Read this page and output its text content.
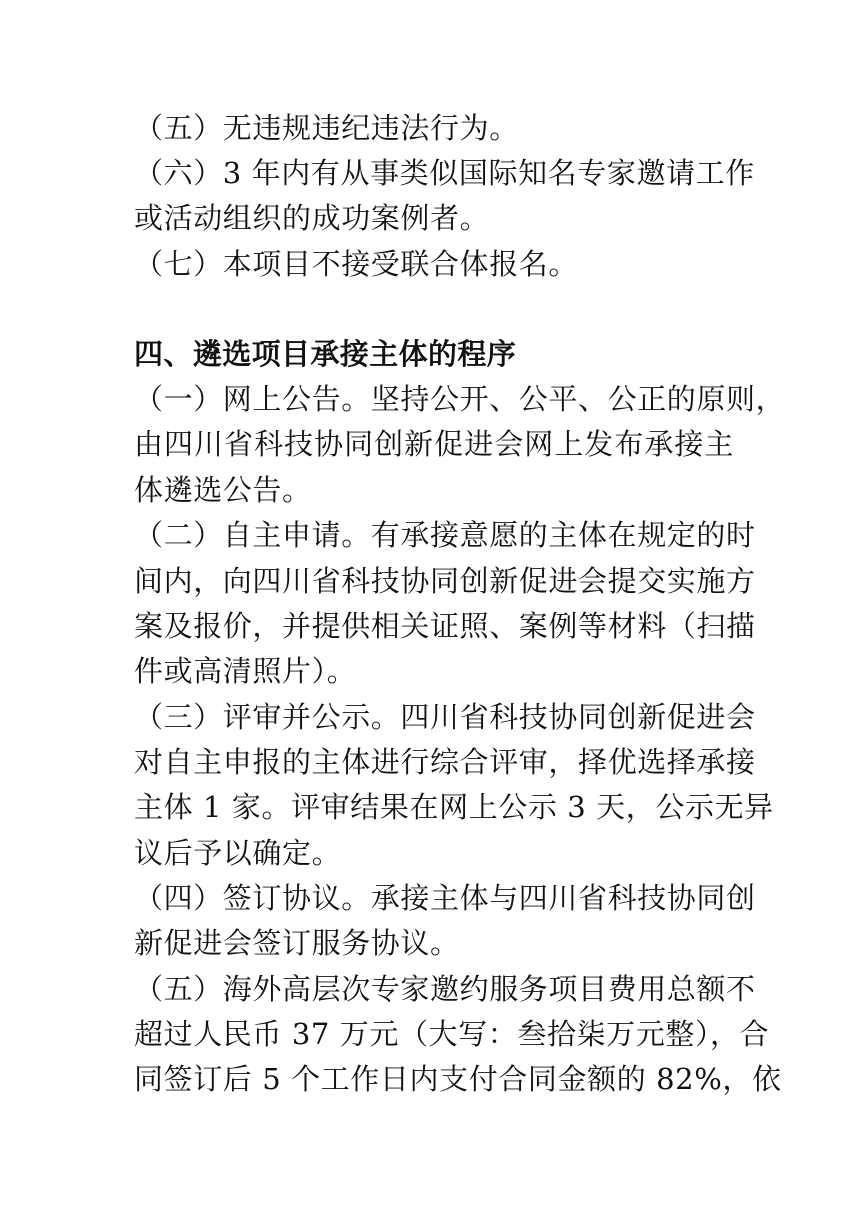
（五）无违规违纪违法行为。
（六）3 年内有从事类似国际知名专家邀请工作
或活动组织的成功案例者。
（七）本项目不接受联合体报名。
四、遴选项目承接主体的程序
（一）网上公告。坚持公开、公平、公正的原则，
由四川省科技协同创新促进会网上发布承接主
体遴选公告。
（二）自主申请。有承接意愿的主体在规定的时
间内，向四川省科技协同创新促进会提交实施方
案及报价，并提供相关证照、案例等材料（扫描
件或高清照片）。
（三）评审并公示。四川省科技协同创新促进会
对自主申报的主体进行综合评审，择优选择承接
主体 1 家。评审结果在网上公示 3 天，公示无异
议后予以确定。
（四）签订协议。承接主体与四川省科技协同创
新促进会签订服务协议。
（五）海外高层次专家邀约服务项目费用总额不
超过人民币 37 万元（大写：叁拾柒万元整），合
同签订后 5 个工作日内支付合同金额的 82%，依
